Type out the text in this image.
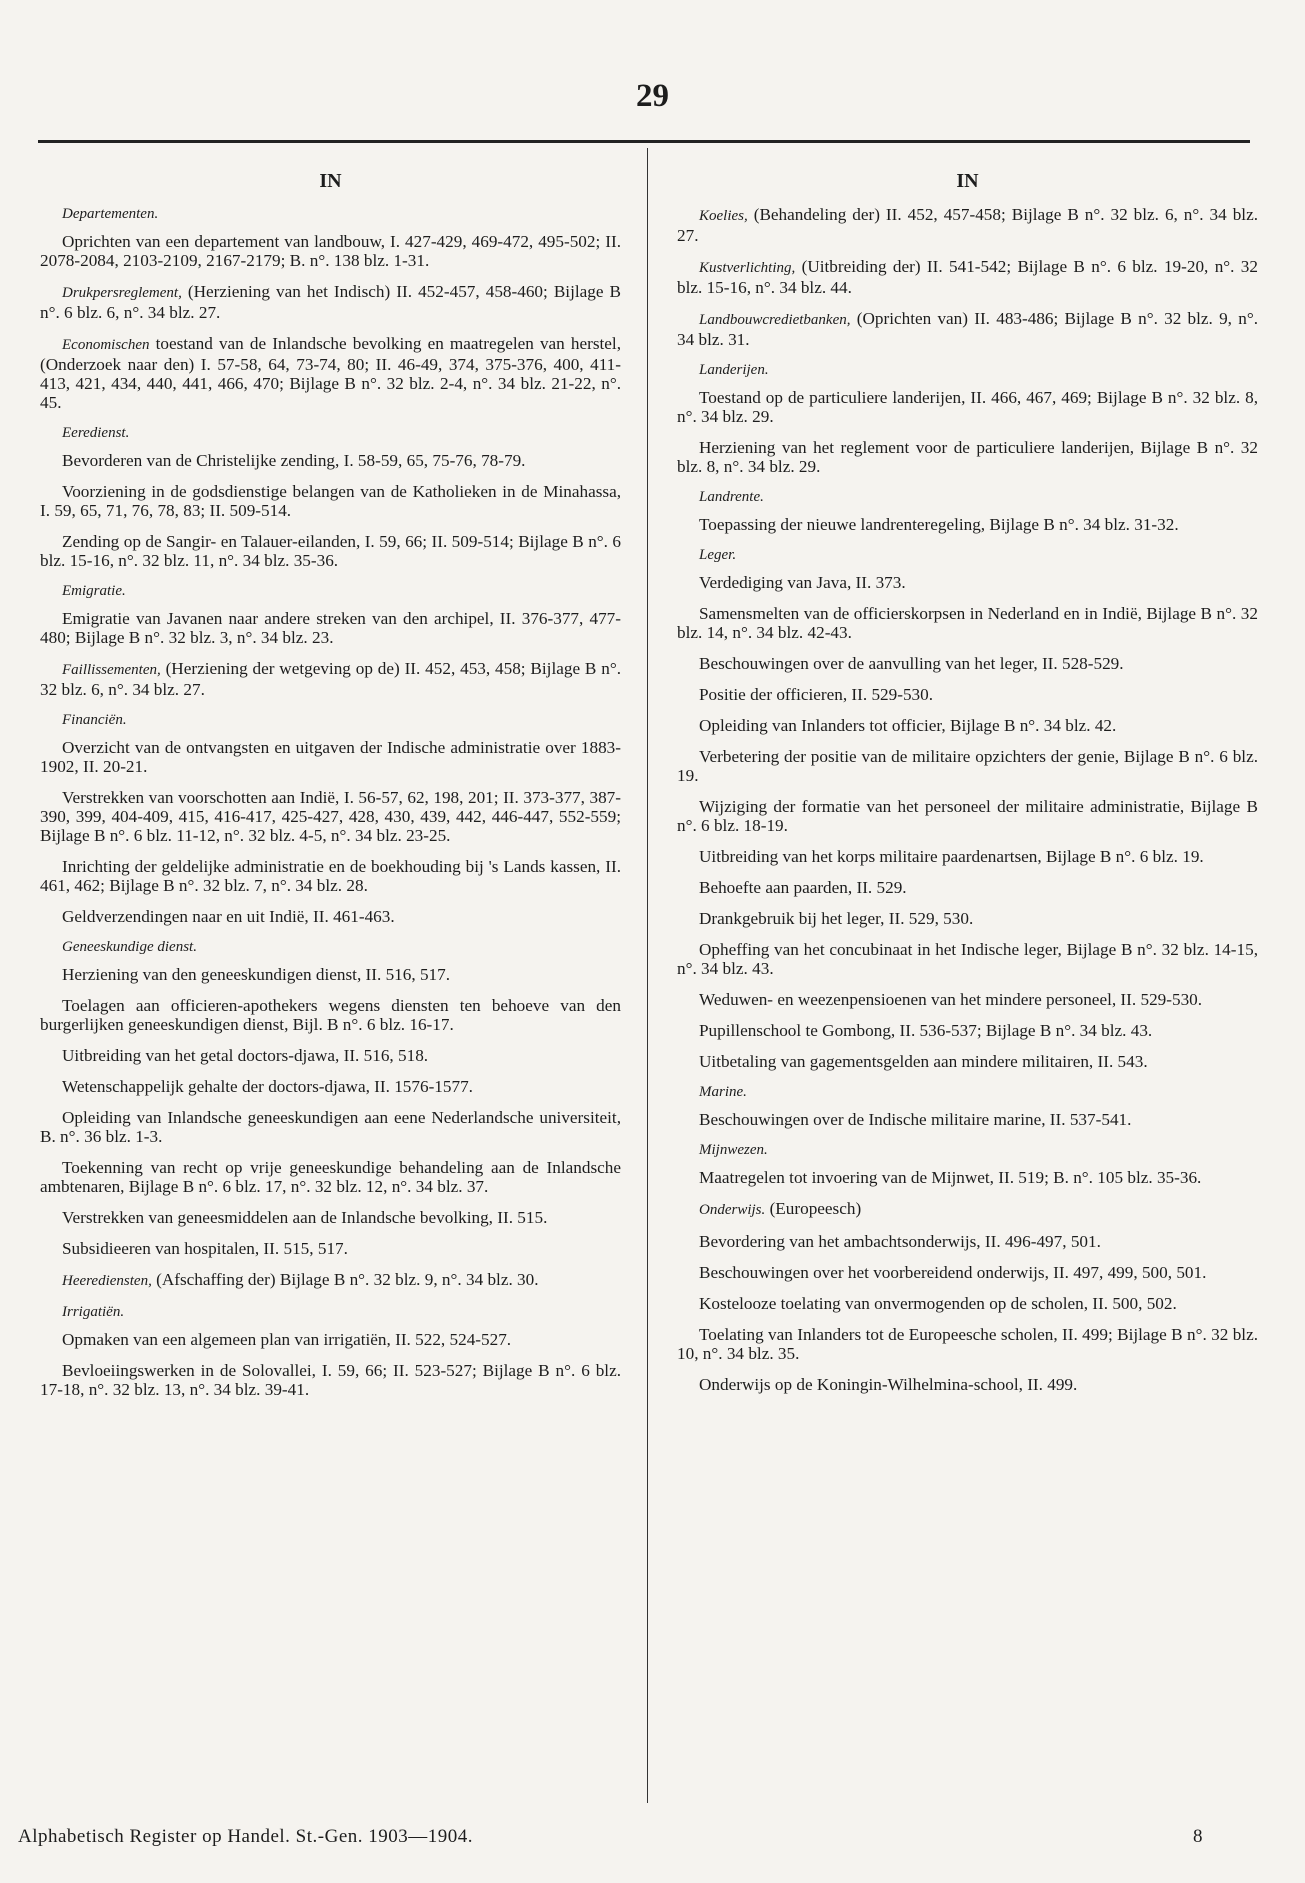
29
IN
Departementen.

Oprichten van een departement van landbouw, I. 427-429, 469-472, 495-502; II. 2078-2084, 2103-2109, 2167-2179; B. n°. 138 blz. 1-31.

Drukpersreglement, (Herziening van het Indisch) II. 452-457, 458-460; Bijlage B n°. 6 blz. 6, n°. 34 blz. 27.

Economischen toestand van de Inlandsche bevolking en maatregelen van herstel, (Onderzoek naar den) I. 57-58, 64, 73-74, 80; II. 46-49, 374, 375-376, 400, 411-413, 421, 434, 440, 441, 466, 470; Bijlage B n°. 32 blz. 2-4, n°. 34 blz. 21-22, n°. 45.

Eeredienst.

Bevorderen van de Christelijke zending, I. 58-59, 65, 75-76, 78-79.

Voorziening in de godsdienstige belangen van de Katholieken in de Minahassa, I. 59, 65, 71, 76, 78, 83; II. 509-514.

Zending op de Sangir- en Talauer-eilanden, I. 59, 66; II. 509-514; Bijlage B n°. 6 blz. 15-16, n°. 32 blz. 11, n°. 34 blz. 35-36.

Emigratie.

Emigratie van Javanen naar andere streken van den archipel, II. 376-377, 477-480; Bijlage B n°. 32 blz. 3, n°. 34 blz. 23.

Faillissementen, (Herziening der wetgeving op de) II. 452, 453, 458; Bijlage B n°. 32 blz. 6, n°. 34 blz. 27.

Financiën.

Overzicht van de ontvangsten en uitgaven der Indische administratie over 1883-1902, II. 20-21.

Verstrekken van voorschotten aan Indië, I. 56-57, 62, 198, 201; II. 373-377, 387-390, 399, 404-409, 415, 416-417, 425-427, 428, 430, 439, 442, 446-447, 552-559; Bijlage B n°. 6 blz. 11-12, n°. 32 blz. 4-5, n°. 34 blz. 23-25.

Inrichting der geldelijke administratie en de boekhouding bij 's Lands kassen, II. 461, 462; Bijlage B n°. 32 blz. 7, n°. 34 blz. 28.

Geldverzendingen naar en uit Indië, II. 461-463.

Geneeskundige dienst.

Herziening van den geneeskundigen dienst, II. 516, 517.

Toelagen aan officieren-apothekers wegens diensten ten behoeve van den burgerlijken geneeskundigen dienst, Bijl. B n°. 6 blz. 16-17.

Uitbreiding van het getal doctors-djawa, II. 516, 518.

Wetenschappelijk gehalte der doctors-djawa, II. 1576-1577.

Opleiding van Inlandsche geneeskundigen aan eene Nederlandsche universiteit, B. n°. 36 blz. 1-3.

Toekenning van recht op vrije geneeskundige behandeling aan de Inlandsche ambtenaren, Bijlage B n°. 6 blz. 17, n°. 32 blz. 12, n°. 34 blz. 37.

Verstrekken van geneesmiddelen aan de Inlandsche bevolking, II. 515.

Subsidieeren van hospitalen, II. 515, 517.

Heerediensten, (Afschaffing der) Bijlage B n°. 32 blz. 9, n°. 34 blz. 30.

Irrigatiën.

Opmaken van een algemeen plan van irrigatiën, II. 522, 524-527.

Bevloeiingswerken in de Solovallei, I. 59, 66; II. 523-527; Bijlage B n°. 6 blz. 17-18, n°. 32 blz. 13, n°. 34 blz. 39-41.

IN

Koelies, (Behandeling der) II. 452, 457-458; Bijlage B n°. 32 blz. 6, n°. 34 blz. 27.

Kustverlichting, (Uitbreiding der) II. 541-542; Bijlage B n°. 6 blz. 19-20, n°. 32 blz. 15-16, n°. 34 blz. 44.

Landbouwcredietbanken, (Oprichten van) II. 483-486; Bijlage B n°. 32 blz. 9, n°. 34 blz. 31.

Landerijen.

Toestand op de particuliere landerijen, II. 466, 467, 469; Bijlage B n°. 32 blz. 8, n°. 34 blz. 29.

Herziening van het reglement voor de particuliere landerijen, Bijlage B n°. 32 blz. 8, n°. 34 blz. 29.

Landrente.

Toepassing der nieuwe landrenteregeling, Bijlage B n°. 34 blz. 31-32.

Leger.

Verdediging van Java, II. 373.

Samensmelten van de officierskorpsen in Nederland en in Indië, Bijlage B n°. 32 blz. 14, n°. 34 blz. 42-43.

Beschouwingen over de aanvulling van het leger, II. 528-529.

Positie der officieren, II. 529-530.

Opleiding van Inlanders tot officier, Bijlage B n°. 34 blz. 42.

Verbetering der positie van de militaire opzichters der genie, Bijlage B n°. 6 blz. 19.

Wijziging der formatie van het personeel der militaire administratie, Bijlage B n°. 6 blz. 18-19.

Uitbreiding van het korps militaire paardenartsen, Bijlage B n°. 6 blz. 19.

Behoefte aan paarden, II. 529.

Drankgebruik bij het leger, II. 529, 530.

Opheffing van het concubinaat in het Indische leger, Bijlage B n°. 32 blz. 14-15, n°. 34 blz. 43.

Weduwen- en weezenpensioenen van het mindere personeel, II. 529-530.

Pupillenschool te Gombong, II. 536-537; Bijlage B n°. 34 blz. 43.

Uitbetaling van gagementsgelden aan mindere militairen, II. 543.

Marine.

Beschouwingen over de Indische militaire marine, II. 537-541.

Mijnwezen.

Maatregelen tot invoering van de Mijnwet, II. 519; B. n°. 105 blz. 35-36.

Onderwijs. (Europeesch)

Bevordering van het ambachtsonderwijs, II. 496-497, 501.

Beschouwingen over het voorbereidend onderwijs, II. 497, 499, 500, 501.

Kostelooze toelating van onvermogenden op de scholen, II. 500, 502.

Toelating van Inlanders tot de Europeesche scholen, II. 499; Bijlage B n°. 32 blz. 10, n°. 34 blz. 35.

Onderwijs op de Koningin-Wilhelmina-school, II. 499.

Alphabetisch Register op Handel. St.-Gen. 1903—1904.	8
